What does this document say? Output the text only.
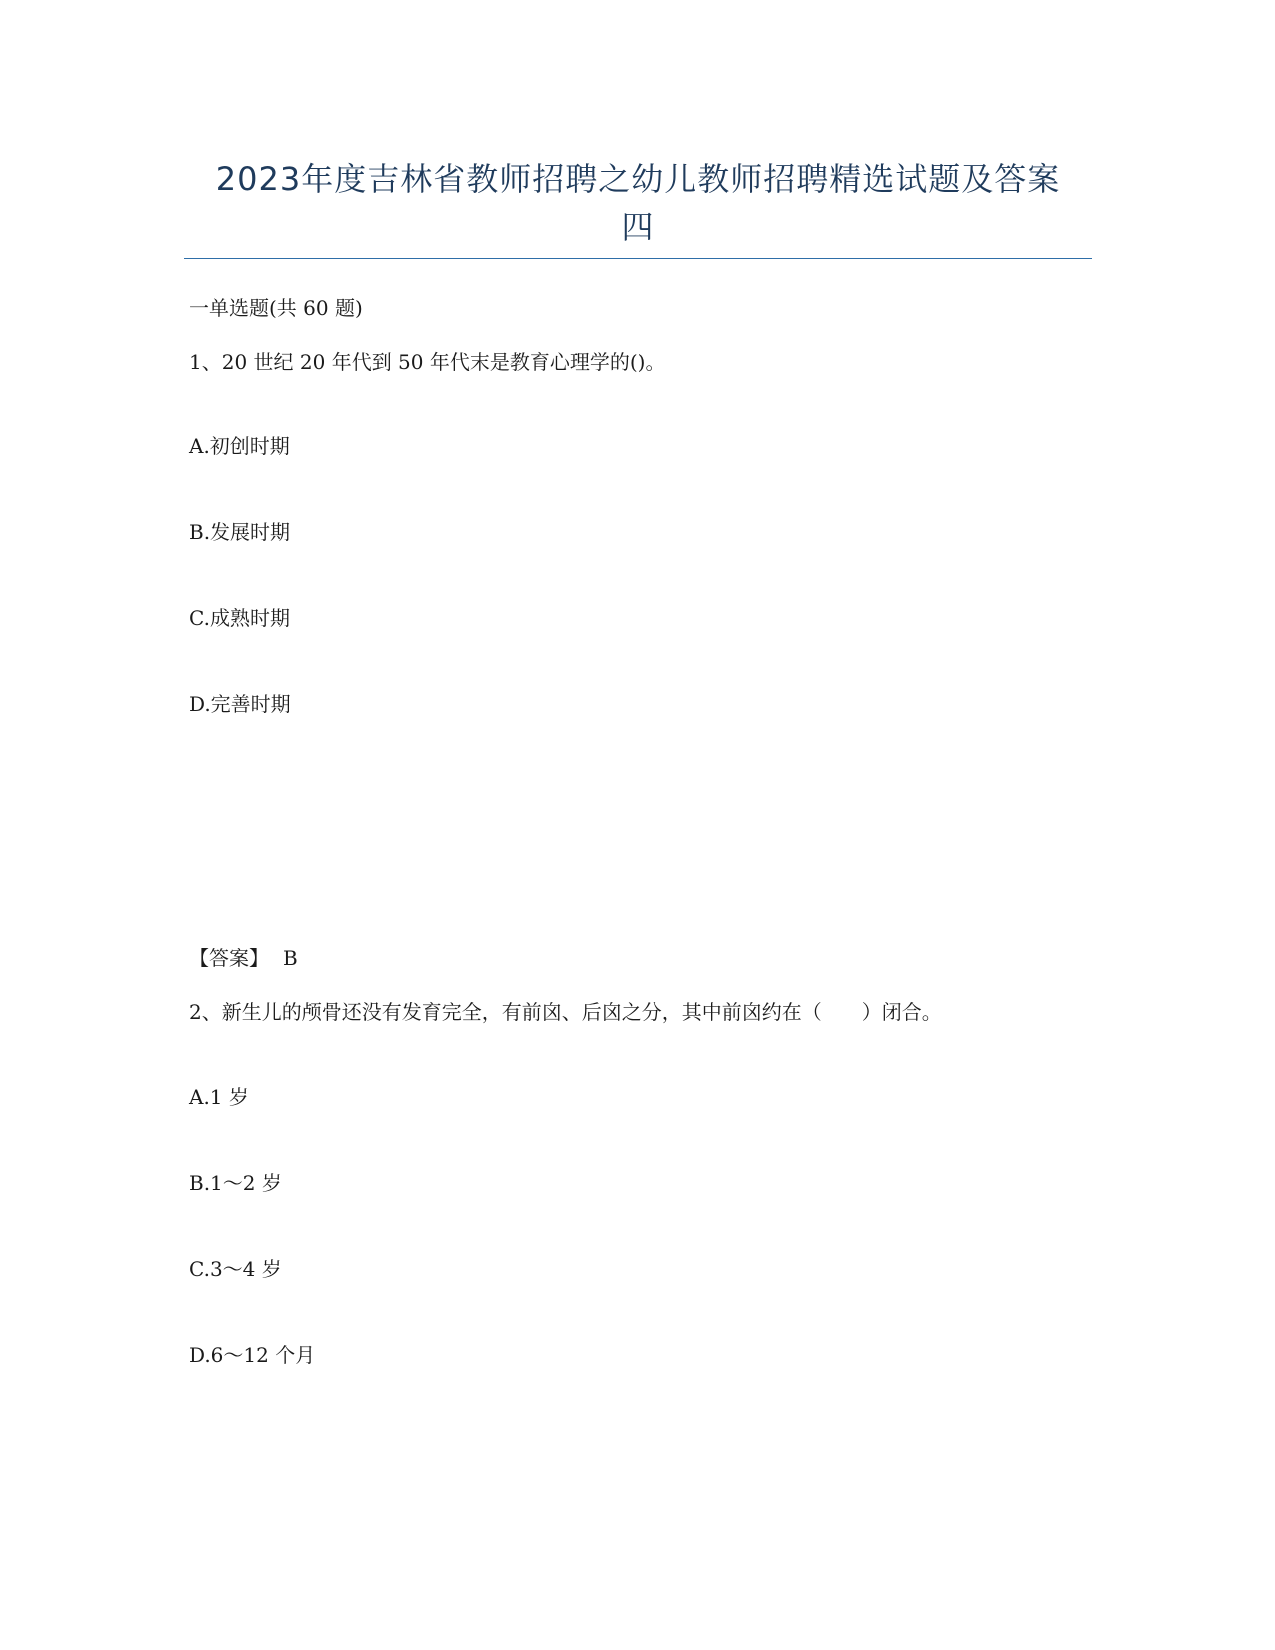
2023年度吉林省教师招聘之幼儿教师招聘精选试题及答案
四
一单选题(共 60 题)
1、20 世纪 20 年代到 50 年代末是教育心理学的()。
A.初创时期
B.发展时期
C.成熟时期
D.完善时期
【答案】 B
2、新生儿的颅骨还没有发育完全，有前囟、后囟之分，其中前囟约在（　　）闭合。
A.1 岁
B.1～2 岁
C.3～4 岁
D.6～12 个月
